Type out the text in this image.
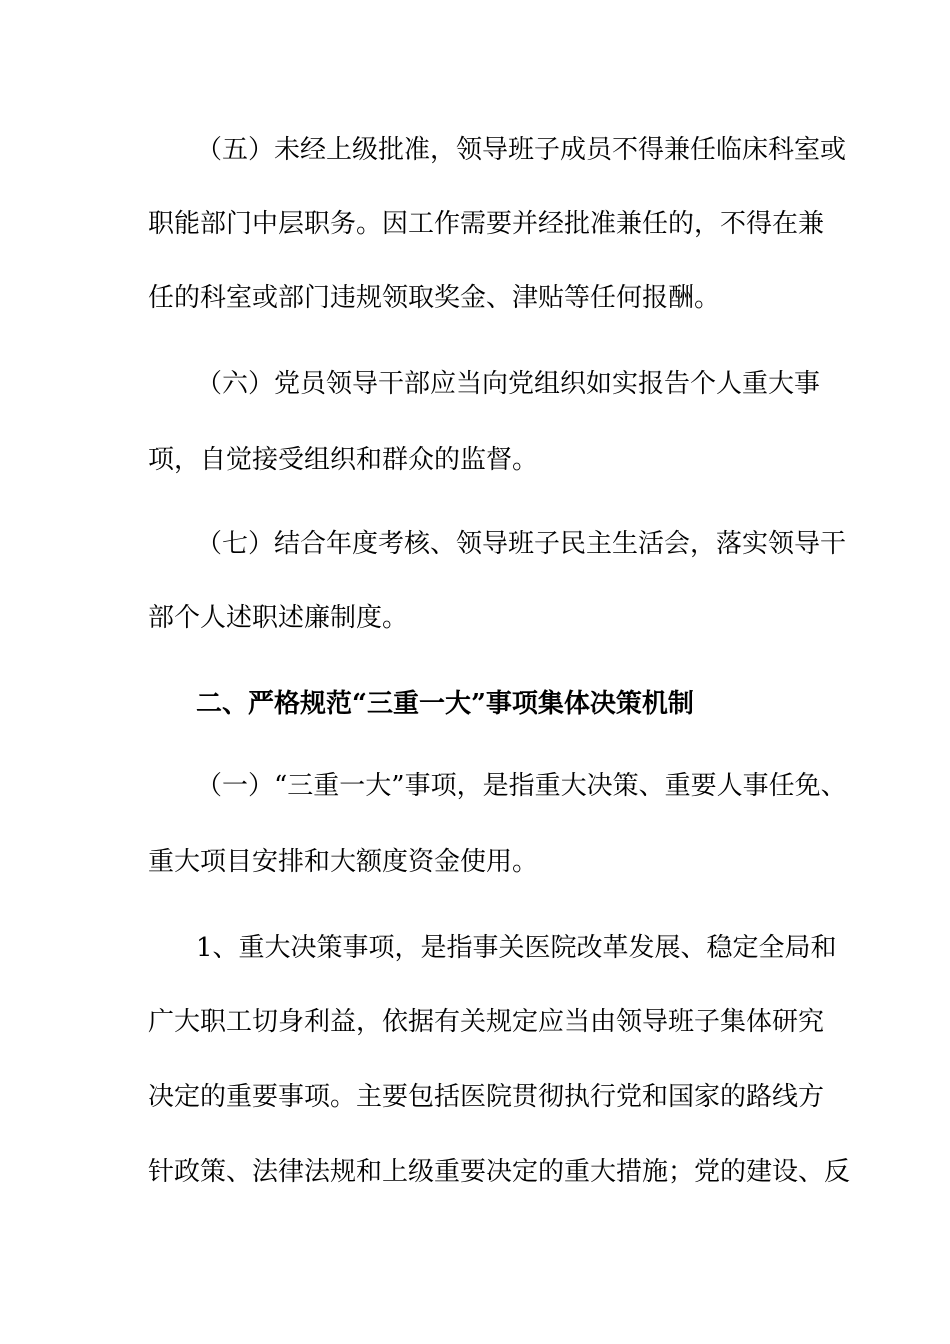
（五）未经上级批准，领导班子成员不得兼任临床科室或
职能部门中层职务。因工作需要并经批准兼任的，不得在兼
任的科室或部门违规领取奖金、津贴等任何报酬。
（六）党员领导干部应当向党组织如实报告个人重大事
项，自觉接受组织和群众的监督。
（七）结合年度考核、领导班子民主生活会，落实领导干
部个人述职述廉制度。
二、严格规范“三重一大”事项集体决策机制
（一）“三重一大”事项，是指重大决策、重要人事任免、
重大项目安排和大额度资金使用。
1、重大决策事项，是指事关医院改革发展、稳定全局和
广大职工切身利益，依据有关规定应当由领导班子集体研究
决定的重要事项。主要包括医院贯彻执行党和国家的路线方
针政策、法律法规和上级重要决定的重大措施；党的建设、反
